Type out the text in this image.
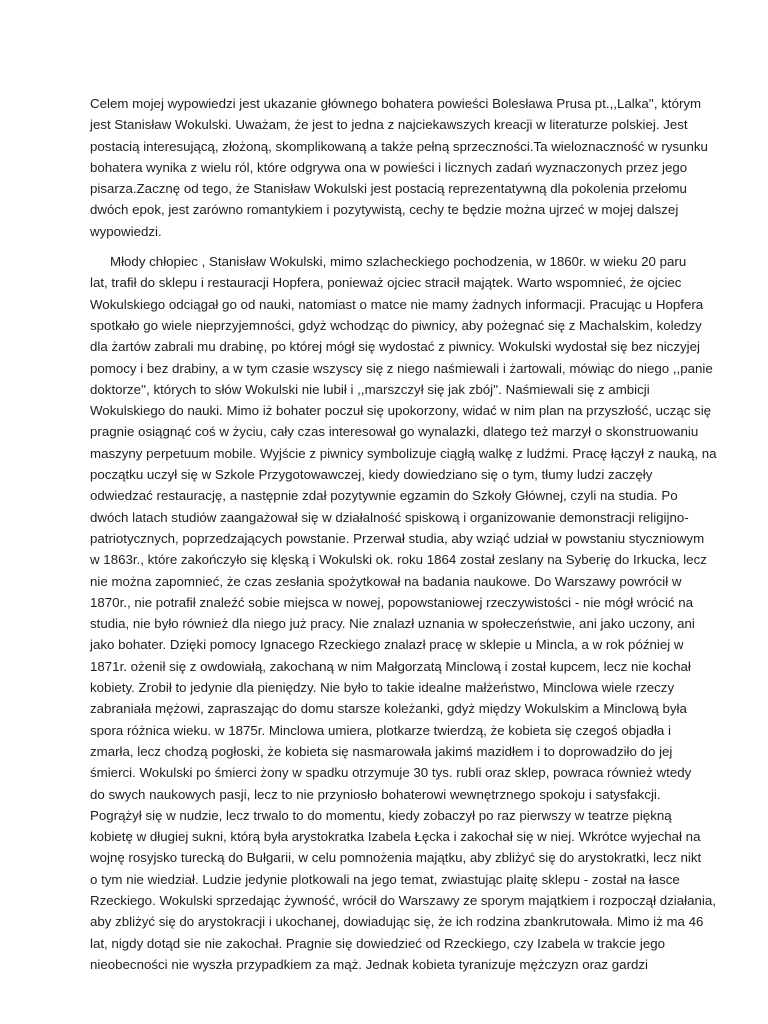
Celem mojej wypowiedzi jest ukazanie głównego bohatera powieści Bolesława Prusa pt.,,Lalka'', którym
jest Stanisław Wokulski. Uważam, że jest to jedna z najciekawszych kreacji w literaturze polskiej. Jest
postacią interesującą, złożoną, skomplikowaną a także pełną sprzeczności.Ta wieloznaczność w rysunku
bohatera wynika z wielu ról, które odgrywa ona w powieści i licznych zadań wyznaczonych przez jego
pisarza.Zacznę od tego, że Stanisław Wokulski jest postacią reprezentatywną dla pokolenia przełomu
dwóch epok, jest zarówno romantykiem i pozytywistą, cechy te będzie można ujrzeć w mojej dalszej
wypowiedzi.
Młody chłopiec , Stanisław Wokulski, mimo szlacheckiego pochodzenia, w 1860r. w wieku 20 paru
lat, trafił do sklepu i restauracji Hopfera, ponieważ ojciec stracił majątek. Warto wspomnieć, że ojciec
Wokulskiego odciągał go od nauki, natomiast o matce nie mamy żadnych informacji. Pracując u Hopfera
spotkało go wiele nieprzyjemności, gdyż wchodząc do piwnicy, aby pożegnać się z Machalskim, koledzy
dla żartów zabrali mu drabinę, po której mógł się wydostać z piwnicy. Wokulski wydostał się bez niczyjej
pomocy i bez drabiny, a w tym czasie wszyscy się z niego naśmiewali i żartowali, mówiąc do niego ,,panie
doktorze'', których to słów Wokulski nie lubił i ,,marszczył się jak zbój''. Naśmiewali się z ambicji
Wokulskiego do nauki. Mimo iż bohater poczuł się upokorzony, widać w nim plan na przyszłość, ucząc się
pragnie osiągnąć coś w życiu, cały czas interesował go wynalazki, dlatego też marzył o skonstruowaniu
maszyny perpetuum mobile. Wyjście z piwnicy symbolizuje ciągłą walkę z ludźmi. Pracę łączył z nauką, na
początku uczył się w Szkole Przygotowawczej, kiedy dowiedziano się o tym, tłumy ludzi zaczęły
odwiedzać restaurację, a następnie zdał pozytywnie egzamin do Szkoły Głównej, czyli na studia. Po
dwóch latach studiów zaangażował się w działalność spiskową i organizowanie demonstracji religijno-
patriotycznych, poprzedzających powstanie. Przerwał studia, aby wziąć udział w powstaniu styczniowym
w 1863r., które zakończyło się klęską i Wokulski ok. roku 1864 został zeslany na Syberię do Irkucka, lecz
nie można zapomnieć, że czas zesłania spożytkował na badania naukowe. Do Warszawy powrócił w
1870r., nie potrafił znaleźć sobie miejsca w nowej, popowstaniowej rzeczywistości - nie mógł wrócić na
studia, nie było również dla niego już pracy. Nie znalazł uznania w społeczeństwie, ani jako uczony, ani
jako bohater. Dzięki pomocy Ignacego Rzeckiego znalazł pracę w sklepie u Mincla, a w rok później w
1871r. ożenił się z owdowiałą, zakochaną w nim Małgorzatą Minclową i został kupcem, lecz nie kochał
kobiety. Zrobił to jedynie dla pieniędzy. Nie było to takie idealne małżeństwo, Minclowa wiele rzeczy
zabraniała mężowi, zapraszając do domu starsze koleżanki, gdyż między Wokulskim a Minclową była
spora różnica wieku. w 1875r. Minclowa umiera, plotkarze twierdzą, że kobieta się czegoś objadła i
zmarła, lecz chodzą pogłoski, że kobieta się nasmarowała jakimś mazidłem i to doprowadziło do jej
śmierci. Wokulski po śmierci żony w spadku otrzymuje 30 tys. rubli oraz sklep, powraca również wtedy
do swych naukowych pasji, lecz to nie przyniosło bohaterowi wewnętrznego spokoju i satysfakcji.
Pogrążył się w nudzie, lecz trwalo to do momentu, kiedy zobaczył po raz pierwszy w teatrze piękną
kobietę w długiej sukni, którą była arystokratka Izabela Łęcka i zakochał się w niej. Wkrótce wyjechał na
wojnę rosyjsko turecką do Bułgarii, w celu pomnożenia majątku, aby zbliżyć się do arystokratki, lecz nikt
o tym nie wiedział. Ludzie jedynie plotkowali na jego temat, zwiastując plaitę sklepu - został na łasce
Rzeckiego. Wokulski sprzedając żywność, wrócił do Warszawy ze sporym majątkiem i rozpoczął działania,
aby zbliżyć się do arystokracji i ukochanej, dowiadując się, że ich rodzina zbankrutowała. Mimo iż ma 46
lat, nigdy dotąd sie nie zakochał. Pragnie się dowiedzieć od Rzeckiego, czy Izabela w trakcie jego
nieobecności nie wyszła przypadkiem za mąż. Jednak kobieta tyranizuje mężczyzn oraz gardzi
